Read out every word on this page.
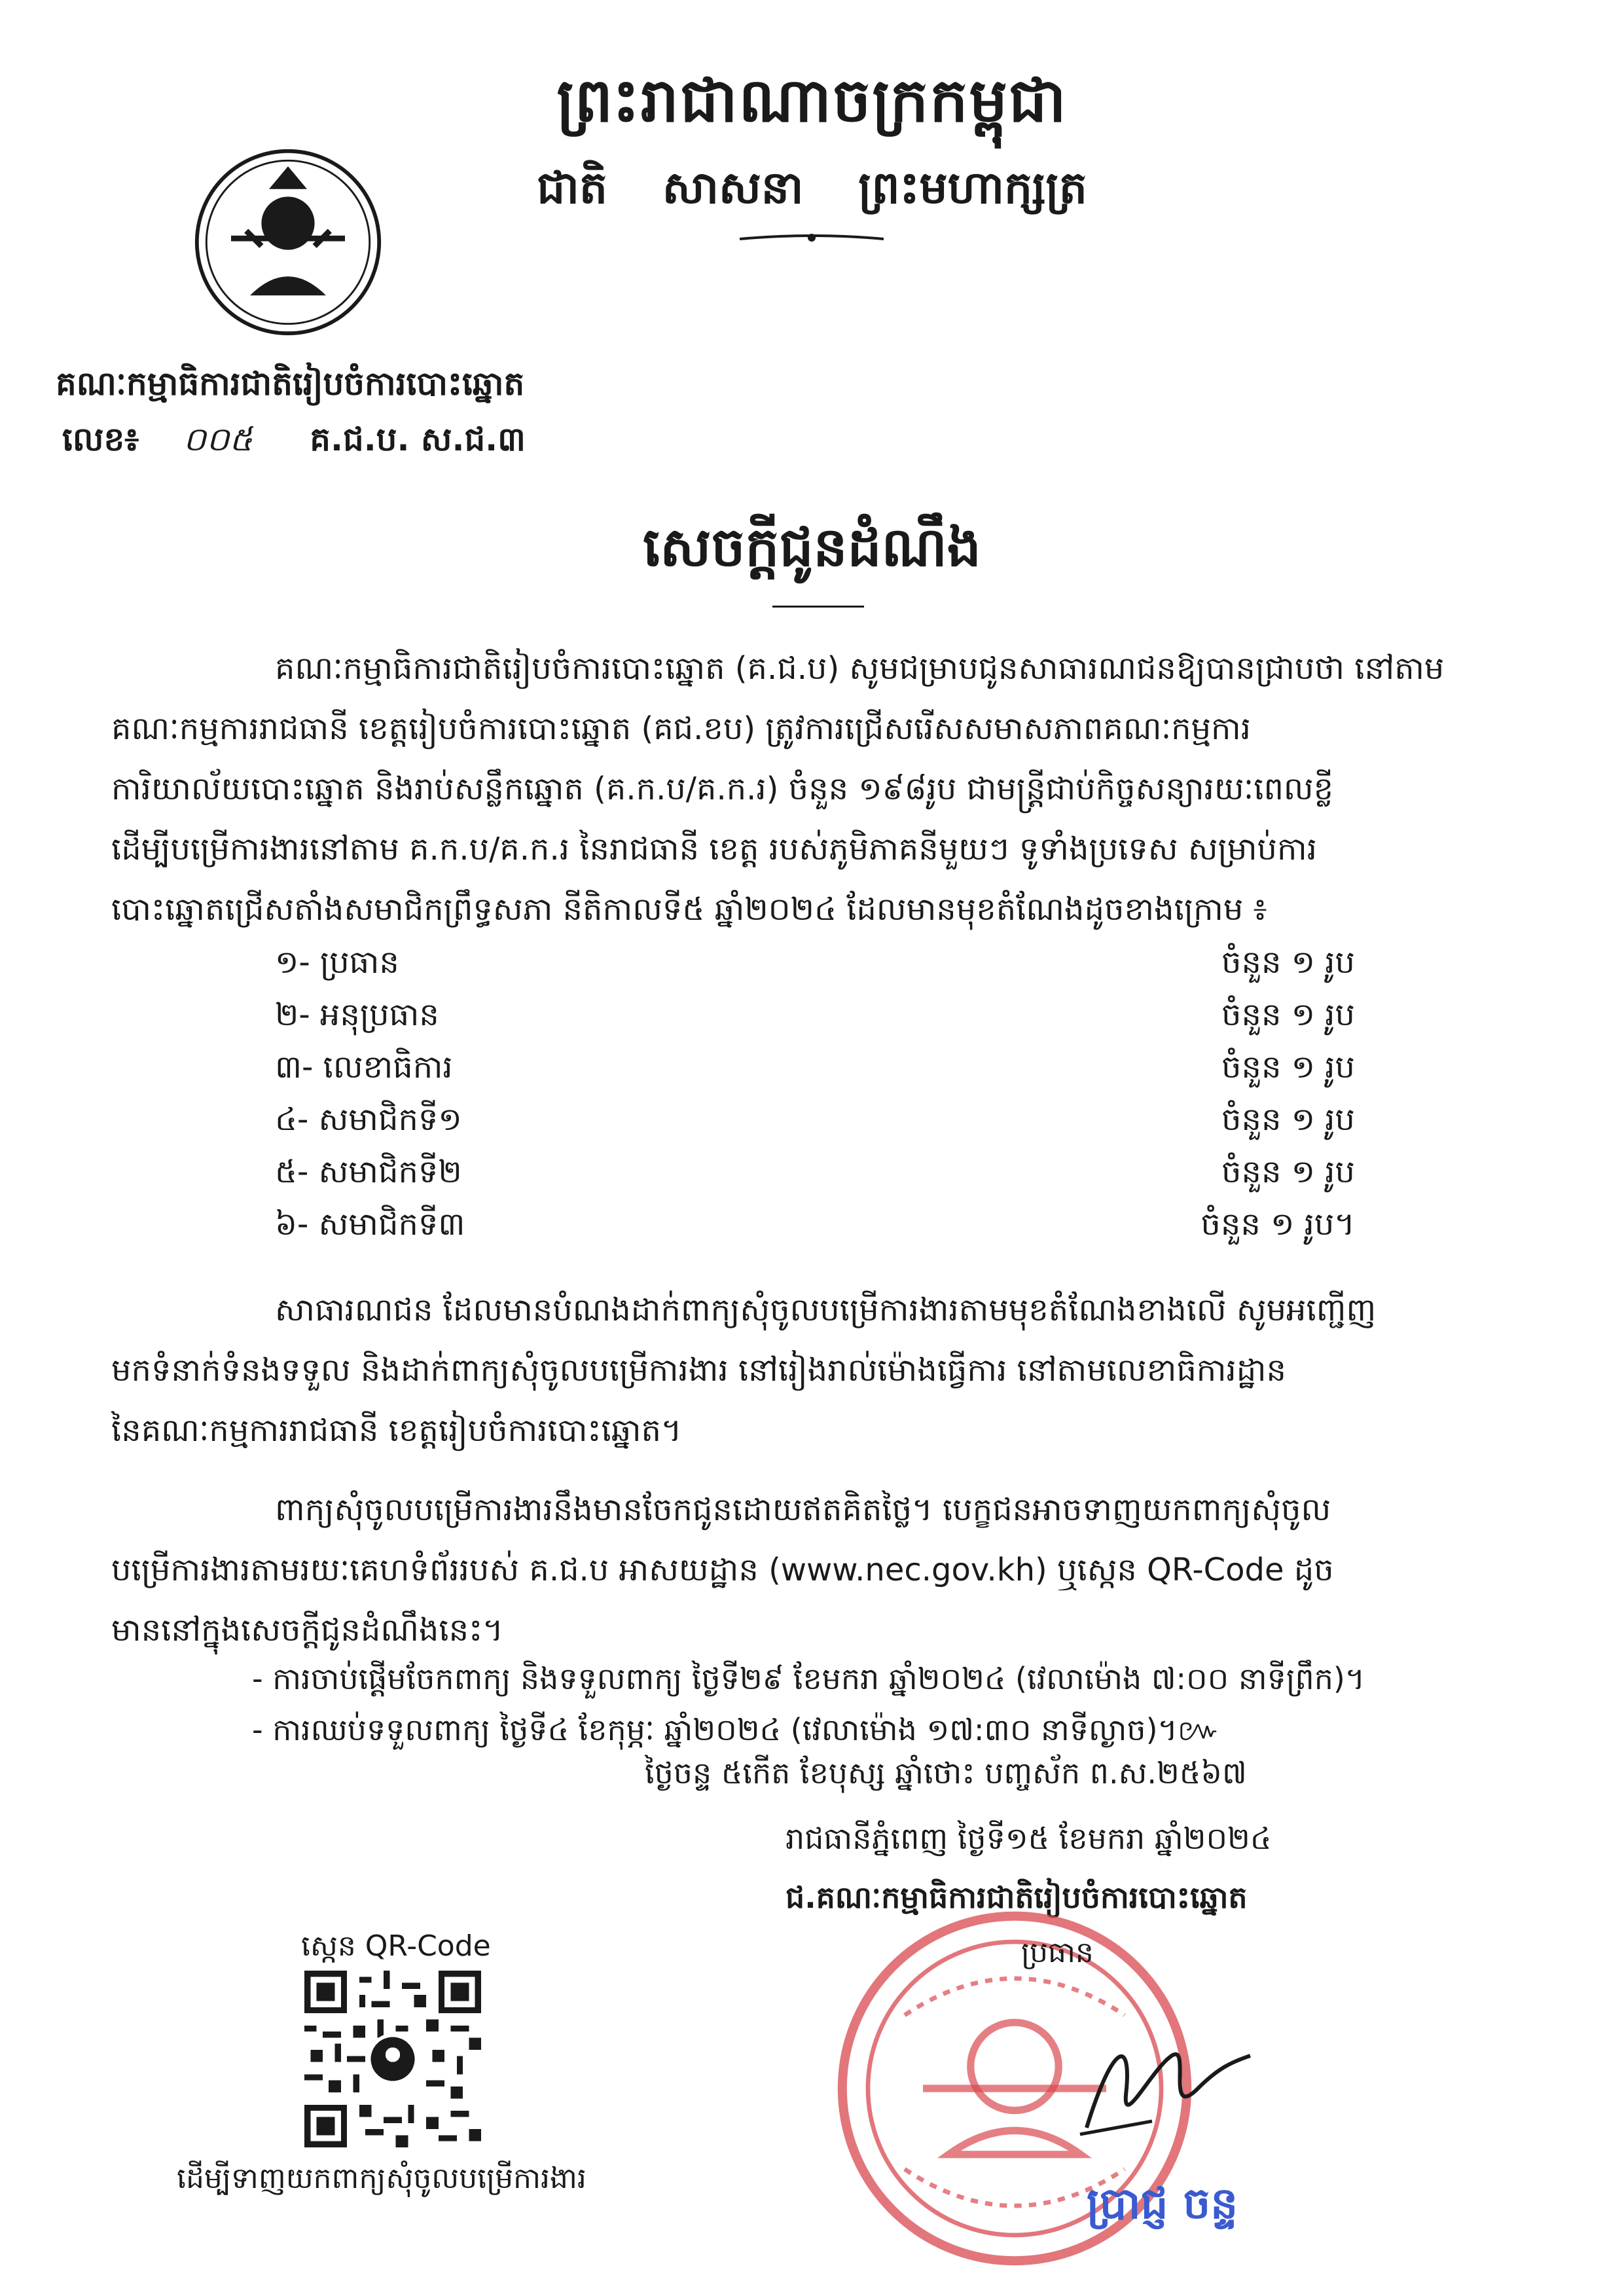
ព្រះរាជាណាចក្រកម្ពុជា
ជាតិ សាសនា ព្រះមហាក្សត្រ
គណៈកម្មាធិការជាតិរៀបចំការបោះឆ្នោត
លេខ៖ ០០៥ គ.ជ.ប. ស.ជ.៣
សេចក្តីជូនដំណឹង
គណៈកម្មាធិការជាតិរៀបចំការបោះឆ្នោត (គ.ជ.ប) សូមជម្រាបជូនសាធារណជនឱ្យបានជ្រាបថា នៅតាម
គណៈកម្មការរាជធានី ខេត្តរៀបចំការបោះឆ្នោត (គជ.ខប) ត្រូវការជ្រើសរើសសមាសភាពគណៈកម្មការ
ការិយាល័យបោះឆ្នោត និងរាប់សន្លឹកឆ្នោត (គ.ក.ប/គ.ក.រ) ចំនួន ១៩៨រូប ជាមន្ត្រីជាប់កិច្ចសន្យារយៈពេលខ្លី
ដើម្បីបម្រើការងារនៅតាម គ.ក.ប/គ.ក.រ នៃរាជធានី ខេត្ត របស់ភូមិភាគនីមួយៗ ទូទាំងប្រទេស សម្រាប់ការ
បោះឆ្នោតជ្រើសតាំងសមាជិកព្រឹទ្ធសភា នីតិកាលទី៥ ឆ្នាំ២០២៤ ដែលមានមុខតំណែងដូចខាងក្រោម ៖
១- ប្រធាន	ចំនួន ១ រូប
២- អនុប្រធាន	ចំនួន ១ រូប
៣- លេខាធិការ	ចំនួន ១ រូប
៤- សមាជិកទី១	ចំនួន ១ រូប
៥- សមាជិកទី២	ចំនួន ១ រូប
៦- សមាជិកទី៣	ចំនួន ១ រូប។
សាធារណជន ដែលមានបំណងដាក់ពាក្យសុំចូលបម្រើការងារតាមមុខតំណែងខាងលើ សូមអញ្ជើញ
មកទំនាក់ទំនងទទួល និងដាក់ពាក្យសុំចូលបម្រើការងារ នៅរៀងរាល់ម៉ោងធ្វើការ នៅតាមលេខាធិការដ្ឋាន
នៃគណៈកម្មការរាជធានី ខេត្តរៀបចំការបោះឆ្នោត។
ពាក្យសុំចូលបម្រើការងារនឹងមានចែកជូនដោយឥតគិតថ្លៃ។ បេក្ខជនអាចទាញយកពាក្យសុំចូល
បម្រើការងារតាមរយៈគេហទំព័ររបស់ គ.ជ.ប អាសយដ្ឋាន (www.nec.gov.kh) ឬស្កេន QR-Code ដូច
មាននៅក្នុងសេចក្តីជូនដំណឹងនេះ។
- ការចាប់ផ្តើមចែកពាក្យ និងទទួលពាក្យ ថ្ងៃទី២៩ ខែមករា ឆ្នាំ២០២៤ (វេលាម៉ោង ៧:០០ នាទីព្រឹក)។
- ការឈប់ទទួលពាក្យ ថ្ងៃទី៤ ខែកុម្ភៈ ឆ្នាំ២០២៤ (វេលាម៉ោង ១៧:៣០ នាទីល្ងាច)។៚
ថ្ងៃចន្ទ ៥កើត ខែបុស្ស ឆ្នាំថោះ បញ្ចស័ក ព.ស.២៥៦៧
រាជធានីភ្នំពេញ ថ្ងៃទី១៥ ខែមករា ឆ្នាំ២០២៤
ជ.គណៈកម្មាធិការជាតិរៀបចំការបោះឆ្នោត
ប្រធាន
ប្រាជ្ញ ចន្ទ
ស្កេន QR-Code
ដើម្បីទាញយកពាក្យសុំចូលបម្រើការងារ
